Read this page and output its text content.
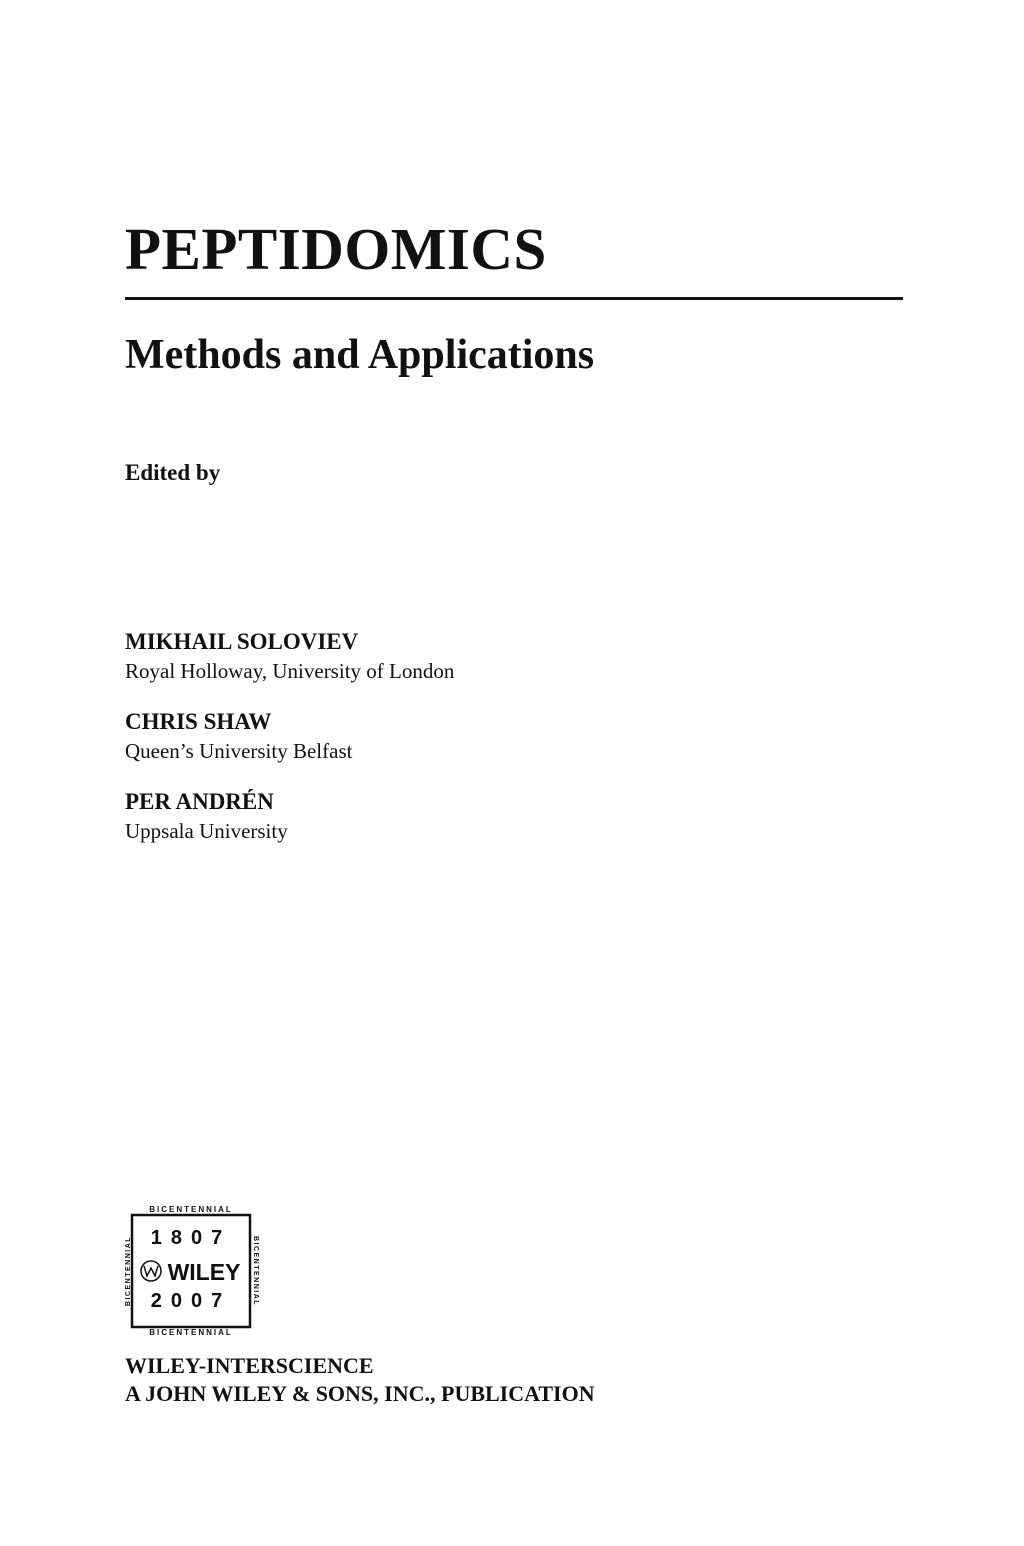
PEPTIDOMICS
Methods and Applications
Edited by
MIKHAIL SOLOVIEV
Royal Holloway, University of London
CHRIS SHAW
Queen’s University Belfast
PER ANDRÉN
Uppsala University
BICENTENNIAL
BICENTENNIAL
BICENTENNIAL	BICENTENNIAL
1807
WILEY
2007
WILEY-INTERSCIENCE
A JOHN WILEY & SONS, INC., PUBLICATION
